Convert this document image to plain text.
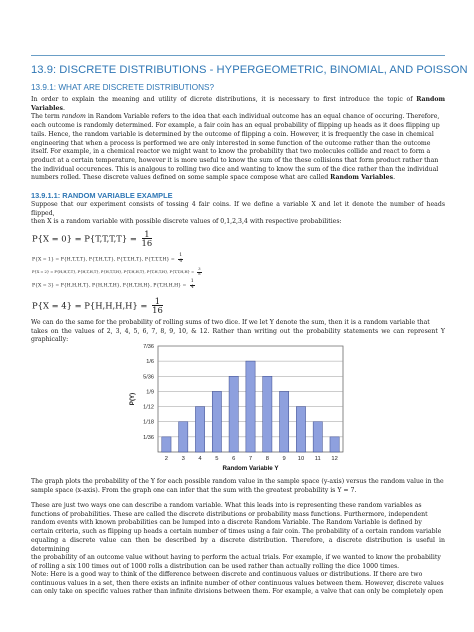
13.9: DISCRETE DISTRIBUTIONS - HYPERGEOMETRIC, BINOMIAL, AND POISSON
13.9.1: WHAT ARE DISCRETE DISTRIBUTIONS?
In order to explain the meaning and utility of dicrete distributions, it is necessary to first introduce the topic of Random Variables.
The term random in Random Variable refers to the idea that each individual outcome has an equal chance of occuring. Therefore,
each outcome is randomly determined. For example, a fair coin has an equal probability of flipping up heads as it does flipping up
tails. Hence, the random variable is determined by the outcome of flipping a coin. However, it is frequently the case in chemical
engineering that when a process is performed we are only interested in some function of the outcome rather than the outcome
itself. For example, in a chemical reactor we might want to know the probability that two molecules collide and react to form a
product at a certain temperature, however it is more useful to know the sum of the these collisions that form product rather than
the individual occurences. This is analgous to rolling two dice and wanting to know the sum of the dice rather than the individual
numbers rolled. These discrete values defined on some sample space compose what are called Random Variables.
13.9.1.1: RANDOM VARIABLE EXAMPLE
Suppose that our experiment consists of tossing 4 fair coins. If we define a variable X and let it denote the number of heads flipped,
then X is a random variable with possible discrete values of 0,1,2,3,4 with respective probabilities:
$P\{X = 0\} = P\{T,T,T,T\} = \frac{1}{16}$
P{X = 1} = P{H,T,T,T}, P{T,H,T,T}, P{T,T,H,T}, $P\{T,T,T,H\} = \frac{1}{4}$
P{X = 2} = P{H,H,T,T}, P{H,T,H,T}, P{H,T,T,H}, P{T,H,H,T}, P{T,H,T,H}, $P\{T,T,H,H\} = \frac{3}{8}$
P{X = 3} = P{H,H,H,T}, P{H,H,T,H}, P{H,T,H,H}, $P\{T,H,H,H\} = \frac{1}{4}$
$P\{X = 4\} = P\{H,H,H,H\} = \frac{1}{16}$
We can do the same for the probability of rolling sums of two dice. If we let Y denote the sum, then it is a random variable that
takes on the values of 2, 3, 4, 5, 6, 7, 8, 9, 10, & 12. Rather than writing out the probability statements we can represent Y graphically:
7/36
1/6
5/36
1/9
1/12
1/18
1/36
2 3 4 5 6 7 8 9 10 11 12
Random Variable Y
P(Y)
The graph plots the probability of the Y for each possible random value in the sample space (y-axis) versus the random value in the
sample space (x-axis). From the graph one can infer that the sum with the greatest probability is Y = 7.
These are just two ways one can describe a random variable. What this leads into is representing these random variables as
functions of probabilities. These are called the discrete distributions or probability mass functions. Furthermore, independent
random events with known probabilities can be lumped into a discrete Random Variable. The Random Variable is defined by
certain criteria, such as flipping up heads a certain number of times using a fair coin. The probability of a certain random variable
equaling a discrete value can then be described by a discrete distribution. Therefore, a discrete distribution is useful in determining
the probability of an outcome value without having to perform the actual trials. For example, if we wanted to know the probability
of rolling a six 100 times out of 1000 rolls a distribution can be used rather than actually rolling the dice 1000 times.
Note: Here is a good way to think of the difference between discrete and continuous values or distributions. If there are two
continuous values in a set, then there exists an infinite number of other continuous values between them. However, discrete values
can only take on specific values rather than infinite divisions between them. For example, a valve that can only be completely open
